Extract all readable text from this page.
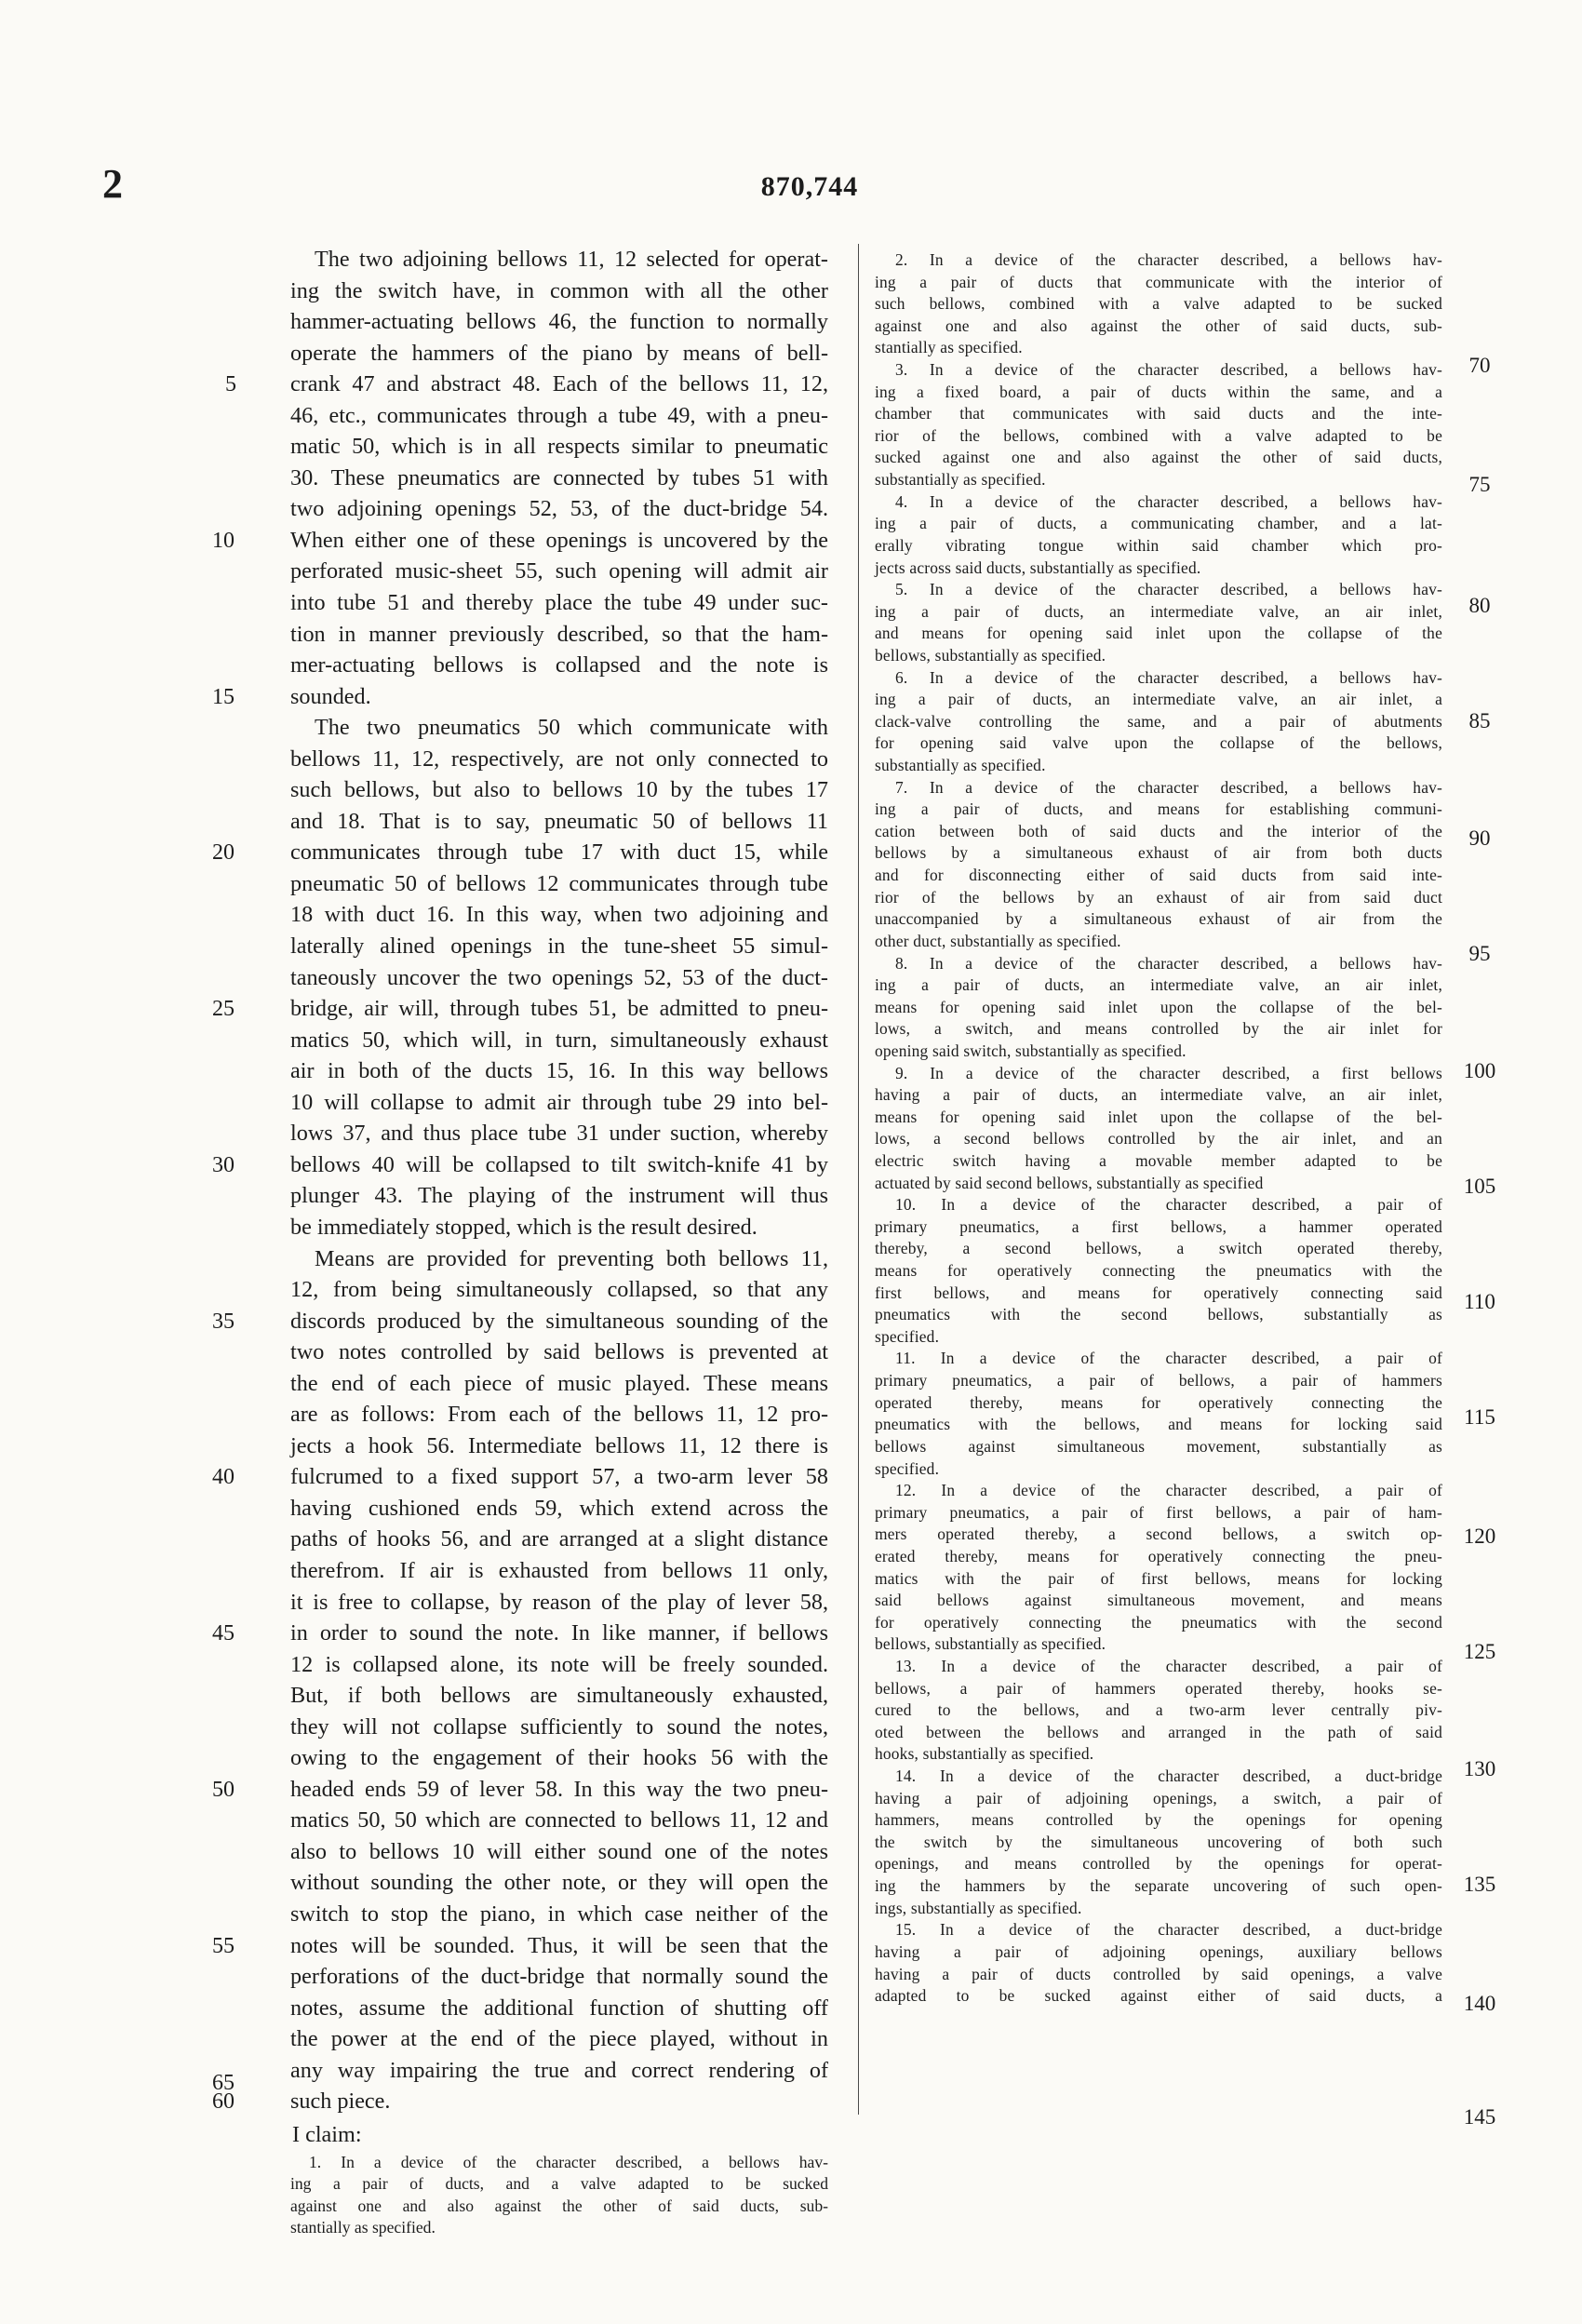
2	870,744
The two adjoining bellows 11, 12 selected for operat-
ing the switch have, in common with all the other
hammer-actuating bellows 46, the function to normally
operate the hammers of the piano by means of bell-
crank 47 and abstract 48. Each of the bellows 11, 12,
46, etc., communicates through a tube 49, with a pneu-
matic 50, which is in all respects similar to pneumatic
30. These pneumatics are connected by tubes 51 with
two adjoining openings 52, 53, of the duct-bridge 54.
When either one of these openings is uncovered by the
perforated music-sheet 55, such opening will admit air
into tube 51 and thereby place the tube 49 under suc-
tion in manner previously described, so that the ham-
mer-actuating bellows is collapsed and the note is
sounded.
The two pneumatics 50 which communicate with
bellows 11, 12, respectively, are not only connected to
such bellows, but also to bellows 10 by the tubes 17
and 18. That is to say, pneumatic 50 of bellows 11
communicates through tube 17 with duct 15, while
pneumatic 50 of bellows 12 communicates through tube
18 with duct 16. In this way, when two adjoining and
laterally alined openings in the tune-sheet 55 simul-
taneously uncover the two openings 52, 53 of the duct-
bridge, air will, through tubes 51, be admitted to pneu-
matics 50, which will, in turn, simultaneously exhaust
air in both of the ducts 15, 16. In this way bellows
10 will collapse to admit air through tube 29 into bel-
lows 37, and thus place tube 31 under suction, whereby
bellows 40 will be collapsed to tilt switch-knife 41 by
plunger 43. The playing of the instrument will thus
be immediately stopped, which is the result desired.
Means are provided for preventing both bellows 11,
12, from being simultaneously collapsed, so that any
discords produced by the simultaneous sounding of the
two notes controlled by said bellows is prevented at
the end of each piece of music played. These means
are as follows: From each of the bellows 11, 12 pro-
jects a hook 56. Intermediate bellows 11, 12 there is
fulcrumed to a fixed support 57, a two-arm lever 58
having cushioned ends 59, which extend across the
paths of hooks 56, and are arranged at a slight distance
therefrom. If air is exhausted from bellows 11 only,
it is free to collapse, by reason of the play of lever 58,
in order to sound the note. In like manner, if bellows
12 is collapsed alone, its note will be freely sounded.
But, if both bellows are simultaneously exhausted,
they will not collapse sufficiently to sound the notes,
owing to the engagement of their hooks 56 with the
headed ends 59 of lever 58. In this way the two pneu-
matics 50, 50 which are connected to bellows 11, 12 and
also to bellows 10 will either sound one of the notes
without sounding the other note, or they will open the
switch to stop the piano, in which case neither of the
notes will be sounded. Thus, it will be seen that the
perforations of the duct-bridge that normally sound the
notes, assume the additional function of shutting off
the power at the end of the piece played, without in
any way impairing the true and correct rendering of
such piece.
I claim:
1. In a device of the character described, a bellows hav-
ing a pair of ducts, and a valve adapted to be sucked
against one and also against the other of said ducts, sub-
stantially as specified.
5
10
15
20
25
30
35
40
45
50
55
60
65
2. In a device of the character described, a bellows hav-
ing a pair of ducts that communicate with the interior of
such bellows, combined with a valve adapted to be sucked
against one and also against the other of said ducts, sub-
stantially as specified.
3. In a device of the character described, a bellows hav-
ing a fixed board, a pair of ducts within the same, and a
chamber that communicates with said ducts and the inte-
rior of the bellows, combined with a valve adapted to be
sucked against one and also against the other of said ducts,
substantially as specified.
4. In a device of the character described, a bellows hav-
ing a pair of ducts, a communicating chamber, and a lat-
erally vibrating tongue within said chamber which pro-
jects across said ducts, substantially as specified.
5. In a device of the character described, a bellows hav-
ing a pair of ducts, an intermediate valve, an air inlet,
and means for opening said inlet upon the collapse of the
bellows, substantially as specified.
6. In a device of the character described, a bellows hav-
ing a pair of ducts, an intermediate valve, an air inlet, a
clack-valve controlling the same, and a pair of abutments
for opening said valve upon the collapse of the bellows,
substantially as specified.
7. In a device of the character described, a bellows hav-
ing a pair of ducts, and means for establishing communi-
cation between both of said ducts and the interior of the
bellows by a simultaneous exhaust of air from both ducts
and for disconnecting either of said ducts from said inte-
rior of the bellows by an exhaust of air from said duct
unaccompanied by a simultaneous exhaust of air from the
other duct, substantially as specified.
8. In a device of the character described, a bellows hav-
ing a pair of ducts, an intermediate valve, an air inlet,
means for opening said inlet upon the collapse of the bel-
lows, a switch, and means controlled by the air inlet for
opening said switch, substantially as specified.
9. In a device of the character described, a first bellows
having a pair of ducts, an intermediate valve, an air inlet,
means for opening said inlet upon the collapse of the bel-
lows, a second bellows controlled by the air inlet, and an
electric switch having a movable member adapted to be
actuated by said second bellows, substantially as specified
10. In a device of the character described, a pair of
primary pneumatics, a first bellows, a hammer operated
thereby, a second bellows, a switch operated thereby,
means for operatively connecting the pneumatics with the
first bellows, and means for operatively connecting said
pneumatics with the second bellows, substantially as
specified.
11. In a device of the character described, a pair of
primary pneumatics, a pair of bellows, a pair of hammers
operated thereby, means for operatively connecting the
pneumatics with the bellows, and means for locking said
bellows against simultaneous movement, substantially as
specified.
12. In a device of the character described, a pair of
primary pneumatics, a pair of first bellows, a pair of ham-
mers operated thereby, a second bellows, a switch op-
erated thereby, means for operatively connecting the pneu-
matics with the pair of first bellows, means for locking
said bellows against simultaneous movement, and means
for operatively connecting the pneumatics with the second
bellows, substantially as specified.
13. In a device of the character described, a pair of
bellows, a pair of hammers operated thereby, hooks se-
cured to the bellows, and a two-arm lever centrally piv-
oted between the bellows and arranged in the path of said
hooks, substantially as specified.
14. In a device of the character described, a duct-bridge
having a pair of adjoining openings, a switch, a pair of
hammers, means controlled by the openings for opening
the switch by the simultaneous uncovering of both such
openings, and means controlled by the openings for operat-
ing the hammers by the separate uncovering of such open-
ings, substantially as specified.
15. In a device of the character described, a duct-bridge
having a pair of adjoining openings, auxiliary bellows
having a pair of ducts controlled by said openings, a valve
adapted to be sucked against either of said ducts, a
70
75
80
85
90
95
100
105
110
115
120
125
130
135
140
145
